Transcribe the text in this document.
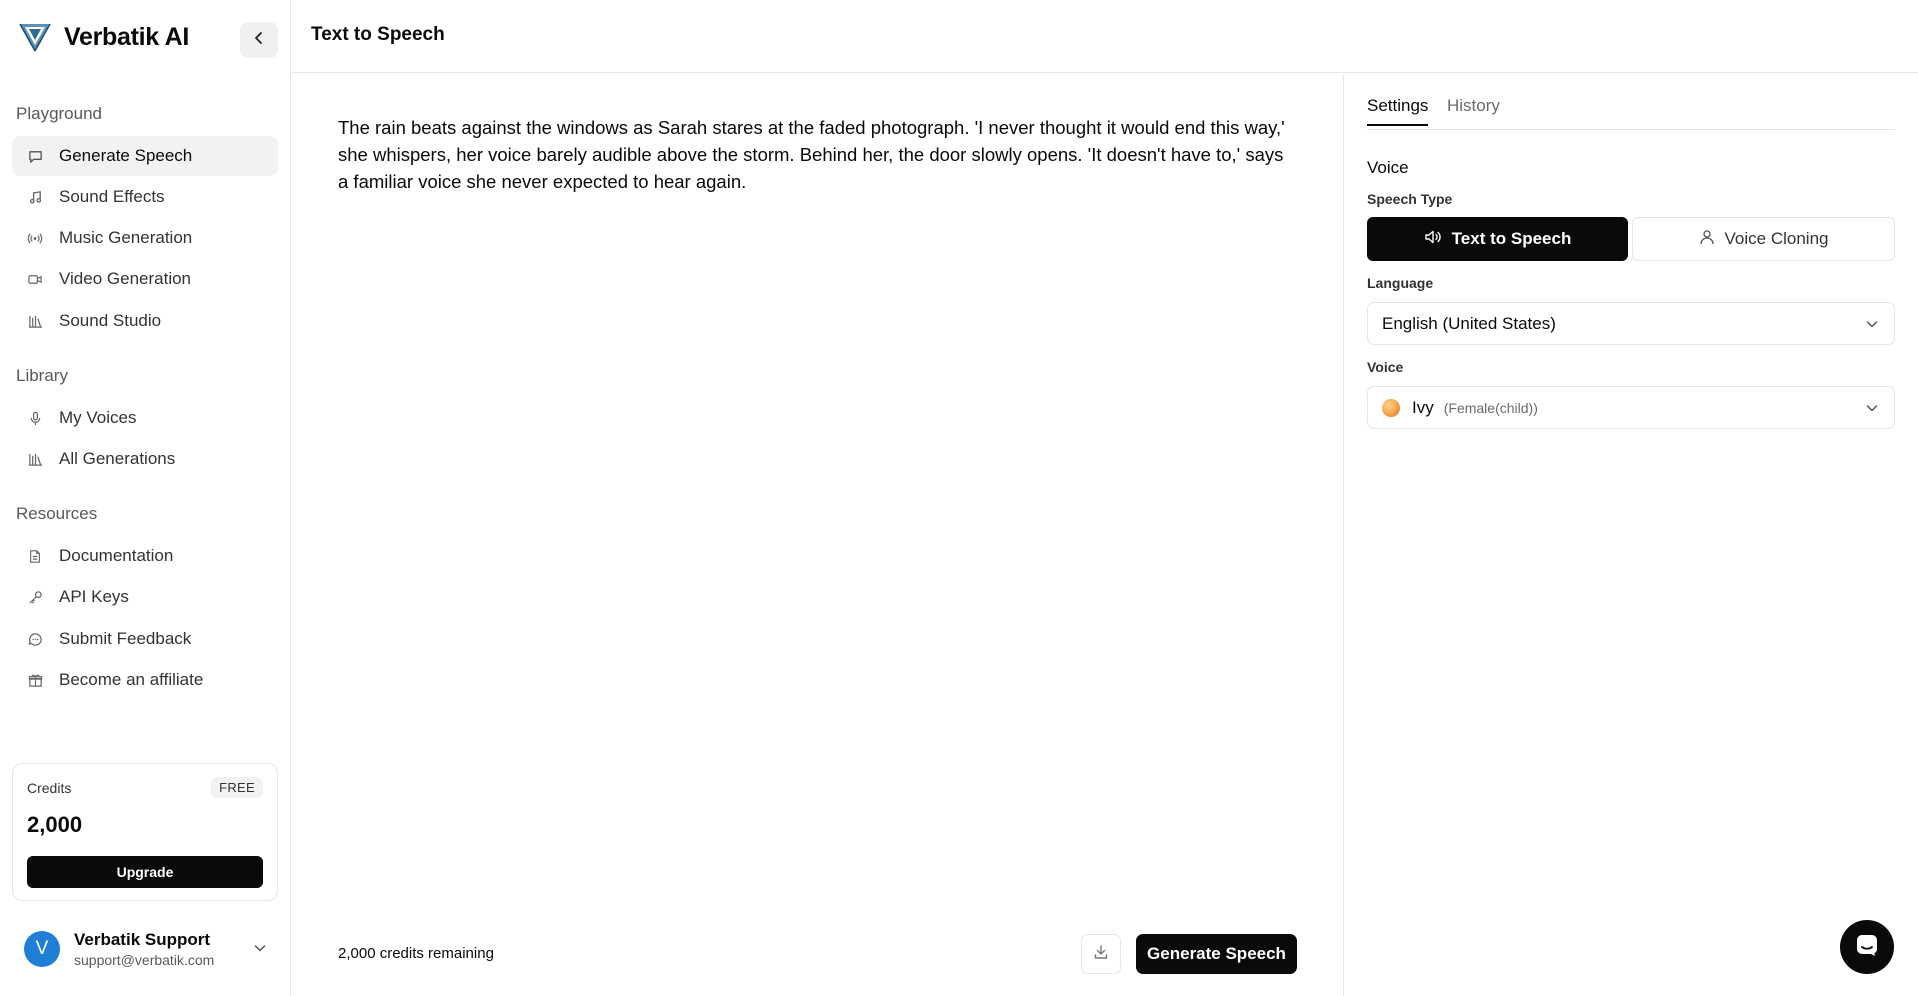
Verbatik AI
Playground
Generate Speech
Sound Effects
Music Generation
Video Generation
Sound Studio
Library
My Voices
All Generations
Resources
Documentation
API Keys
Submit Feedback
Become an affiliate
Credits	FREE
2,000
Upgrade
V	Verbatik Support
support@verbatik.com
Text to Speech
The rain beats against the windows as Sarah stares at the faded photograph. 'I never thought it would end this way,' she whispers, her voice barely audible above the storm. Behind her, the door slowly opens. 'It doesn't have to,' says a familiar voice she never expected to hear again.
2,000 credits remaining	Generate Speech
Settings History
Voice
Speech Type
Text to Speech	Voice Cloning
Language
English (United States)
Voice
Ivy (Female(child))
